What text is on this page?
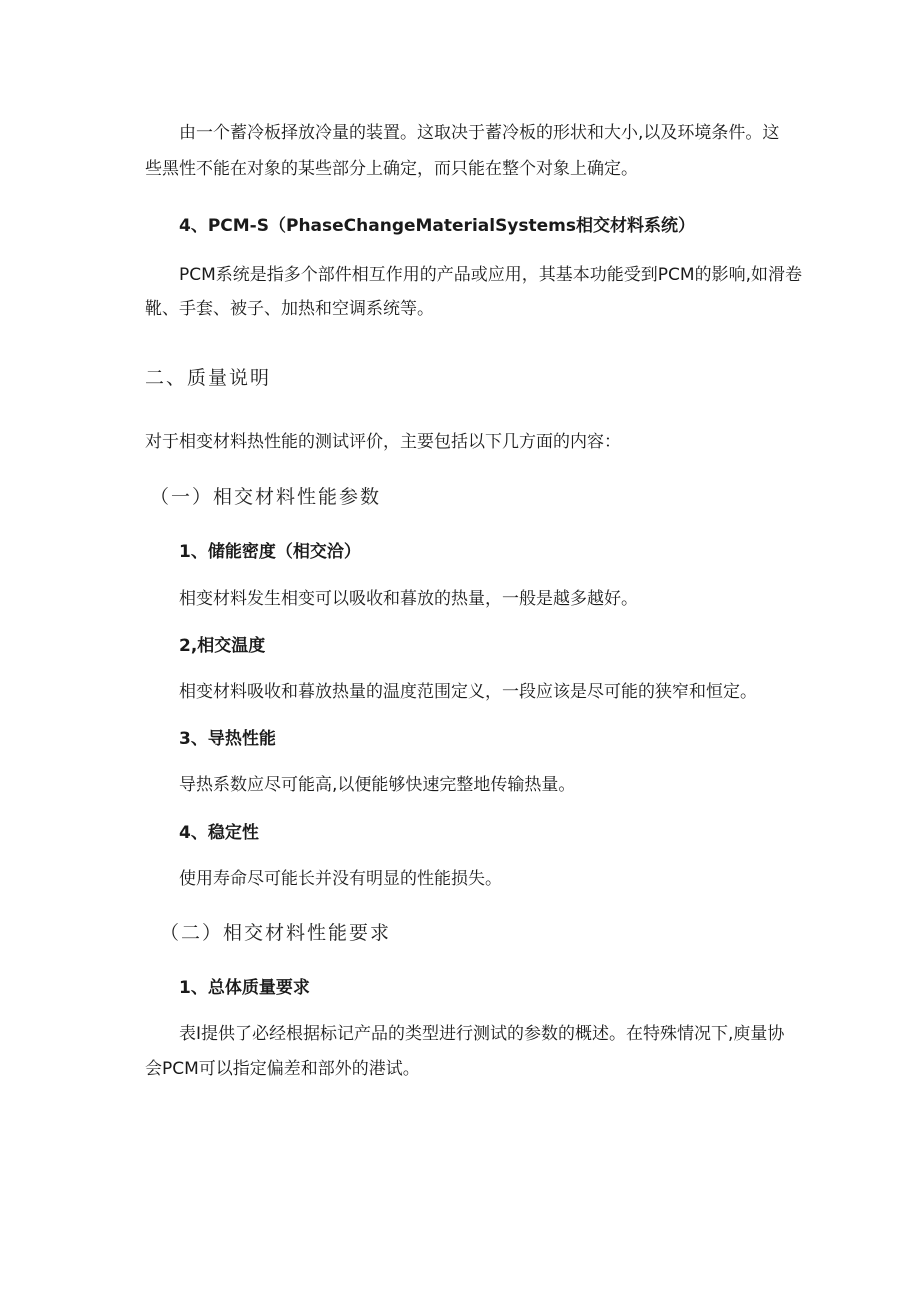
由一个蓄冷板择放冷量的装置。这取决于蓄冷板的形状和大小,以及环境条件。这
些黑性不能在对象的某些部分上确定，而只能在整个对象上确定。
4、PCM-S（PhaseChangeMaterialSystems相交材料系统）
PCM系统是指多个部件相互作用的产品或应用，其基本功能受到PCM的影响,如滑卷
靴、手套、被子、加热和空调系统等。
二、质量说明
对于相变材料热性能的测试评价，主要包括以下几方面的内容：
（一）相交材料性能参数
1、储能密度（相交洽）
相变材料发生相变可以吸收和暮放的热量，一般是越多越好。
2,相交温度
相变材料吸收和暮放热量的温度范围定义，一段应该是尽可能的狭窄和恒定。
3、导热性能
导热系数应尽可能高,以便能够快速完整地传输热量。
4、稳定性
使用寿命尽可能长并没有明显的性能损失。
（二）相交材料性能要求
1、总体质量要求
表I提供了必经根据标记产品的类型进行测试的参数的概述。在特殊情况下,庾量协
会PCM可以指定偏差和部外的港试。
